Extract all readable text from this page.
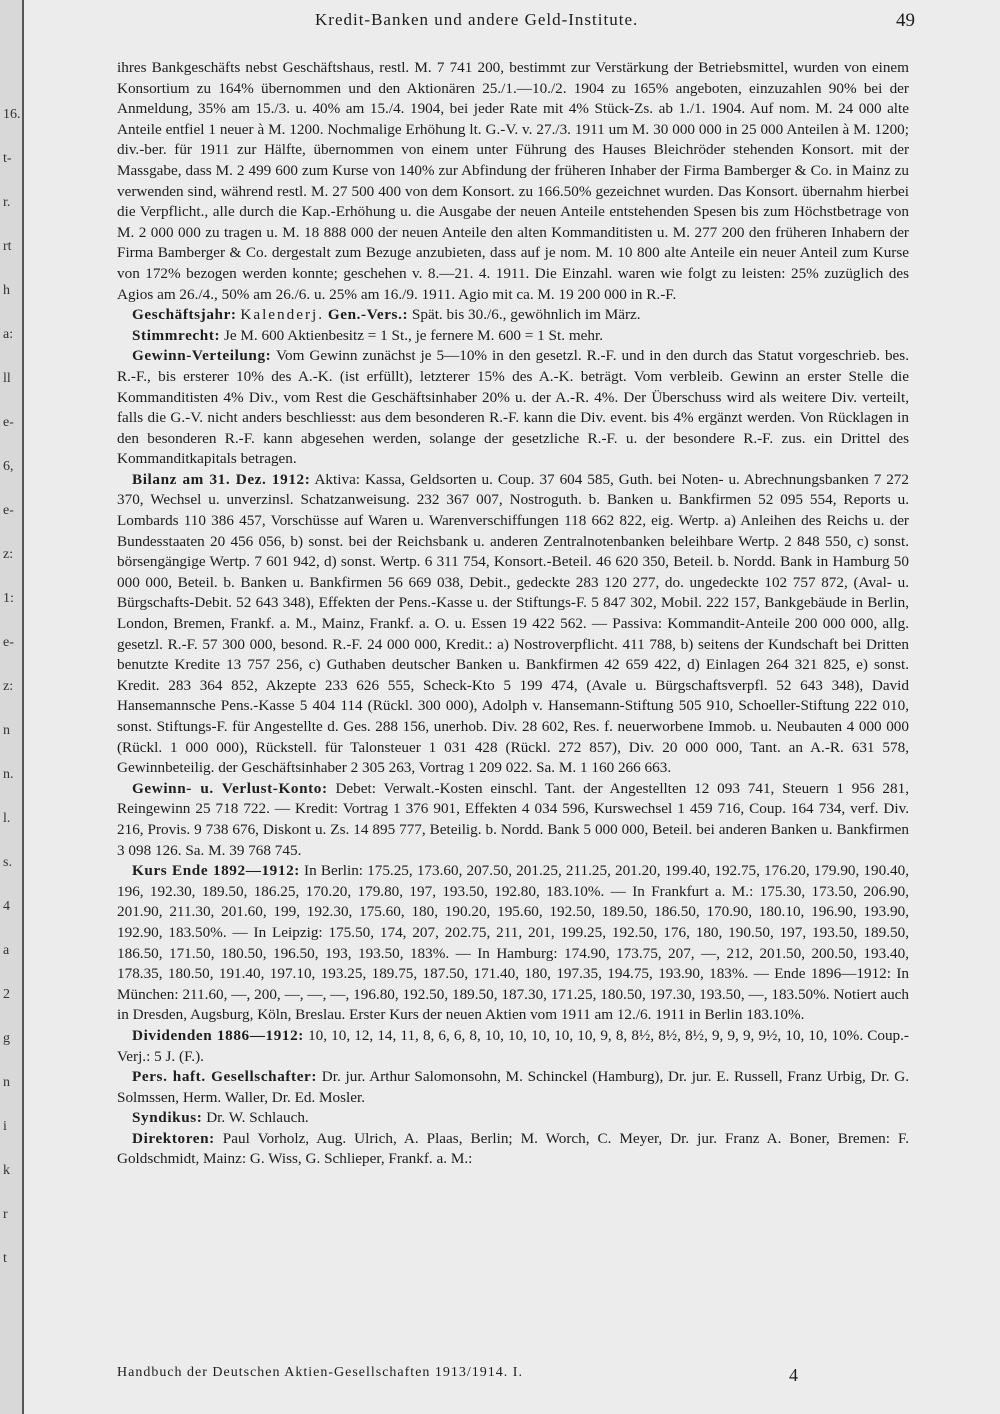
16.
t-
r.
rt
h
a:
ll
e-
6,
e-
z:
1:
e-
z:
n
n.
l.
s.
4
a
2
g
n
i
k
r
t
Kredit-Banken und andere Geld-Institute.	49

ihres Bankgeschäfts nebst Geschäftshaus, restl. M. 7 741 200, bestimmt zur Verstärkung der Betriebsmittel, wurden von einem Konsortium zu 164% übernommen und den Aktionären 25./1.—10./2. 1904 zu 165% angeboten, einzuzahlen 90% bei der Anmeldung, 35% am 15./3. u. 40% am 15./4. 1904, bei jeder Rate mit 4% Stück-Zs. ab 1./1. 1904. Auf nom. M. 24 000 alte Anteile entfiel 1 neuer à M. 1200. Nochmalige Erhöhung lt. G.-V. v. 27./3. 1911 um M. 30 000 000 in 25 000 Anteilen à M. 1200; div.-ber. für 1911 zur Hälfte, übernommen von einem unter Führung des Hauses Bleichröder stehenden Konsort. mit der Massgabe, dass M. 2 499 600 zum Kurse von 140% zur Abfindung der früheren Inhaber der Firma Bamberger & Co. in Mainz zu verwenden sind, während restl. M. 27 500 400 von dem Konsort. zu 166.50% gezeichnet wurden. Das Konsort. übernahm hierbei die Verpflicht., alle durch die Kap.-Erhöhung u. die Ausgabe der neuen Anteile entstehenden Spesen bis zum Höchstbetrage von M. 2 000 000 zu tragen u. M. 18 888 000 der neuen Anteile den alten Kommanditisten u. M. 277 200 den früheren Inhabern der Firma Bamberger & Co. dergestalt zum Bezuge anzubieten, dass auf je nom. M. 10 800 alte Anteile ein neuer Anteil zum Kurse von 172% bezogen werden konnte; geschehen v. 8.—21. 4. 1911. Die Einzahl. waren wie folgt zu leisten: 25% zuzüglich des Agios am 26./4., 50% am 26./6. u. 25% am 16./9. 1911. Agio mit ca. M. 19 200 000 in R.-F.

Geschäftsjahr: Kalenderj. Gen.-Vers.: Spät. bis 30./6., gewöhnlich im März.

Stimmrecht: Je M. 600 Aktienbesitz = 1 St., je fernere M. 600 = 1 St. mehr.

Gewinn-Verteilung: Vom Gewinn zunächst je 5—10% in den gesetzl. R.-F. und in den durch das Statut vorgeschrieb. bes. R.-F., bis ersterer 10% des A.-K. (ist erfüllt), letzterer 15% des A.-K. beträgt. Vom verbleib. Gewinn an erster Stelle die Kommanditisten 4% Div., vom Rest die Geschäftsinhaber 20% u. der A.-R. 4%. Der Überschuss wird als weitere Div. verteilt, falls die G.-V. nicht anders beschliesst: aus dem besonderen R.-F. kann die Div. event. bis 4% ergänzt werden. Von Rücklagen in den besonderen R.-F. kann abgesehen werden, solange der gesetzliche R.-F. u. der besondere R.-F. zus. ein Drittel des Kommanditkapitals betragen.

Bilanz am 31. Dez. 1912: Aktiva: Kassa, Geldsorten u. Coup. 37 604 585, Guth. bei Noten- u. Abrechnungsbanken 7 272 370, Wechsel u. unverzinsl. Schatzanweisung. 232 367 007, Nostroguth. b. Banken u. Bankfirmen 52 095 554, Reports u. Lombards 110 386 457, Vorschüsse auf Waren u. Warenverschiffungen 118 662 822, eig. Wertp. a) Anleihen des Reichs u. der Bundesstaaten 20 456 056, b) sonst. bei der Reichsbank u. anderen Zentralnotenbanken beleihbare Wertp. 2 848 550, c) sonst. börsengängige Wertp. 7 601 942, d) sonst. Wertp. 6 311 754, Konsort.-Beteil. 46 620 350, Beteil. b. Nordd. Bank in Hamburg 50 000 000, Beteil. b. Banken u. Bankfirmen 56 669 038, Debit., gedeckte 283 120 277, do. ungedeckte 102 757 872, (Aval- u. Bürgschafts-Debit. 52 643 348), Effekten der Pens.-Kasse u. der Stiftungs-F. 5 847 302, Mobil. 222 157, Bankgebäude in Berlin, London, Bremen, Frankf. a. M., Mainz, Frankf. a. O. u. Essen 19 422 562. — Passiva: Kommandit-Anteile 200 000 000, allg. gesetzl. R.-F. 57 300 000, besond. R.-F. 24 000 000, Kredit.: a) Nostroverpflicht. 411 788, b) seitens der Kundschaft bei Dritten benutzte Kredite 13 757 256, c) Guthaben deutscher Banken u. Bankfirmen 42 659 422, d) Einlagen 264 321 825, e) sonst. Kredit. 283 364 852, Akzepte 233 626 555, Scheck-Kto 5 199 474, (Avale u. Bürgschaftsverpfl. 52 643 348), David Hansemannsche Pens.-Kasse 5 404 114 (Rückl. 300 000), Adolph v. Hansemann-Stiftung 505 910, Schoeller-Stiftung 222 010, sonst. Stiftungs-F. für Angestellte d. Ges. 288 156, unerhob. Div. 28 602, Res. f. neuerworbene Immob. u. Neubauten 4 000 000 (Rückl. 1 000 000), Rückstell. für Talonsteuer 1 031 428 (Rückl. 272 857), Div. 20 000 000, Tant. an A.-R. 631 578, Gewinnbeteilig. der Geschäftsinhaber 2 305 263, Vortrag 1 209 022. Sa. M. 1 160 266 663.

Gewinn- u. Verlust-Konto: Debet: Verwalt.-Kosten einschl. Tant. der Angestellten 12 093 741, Steuern 1 956 281, Reingewinn 25 718 722. — Kredit: Vortrag 1 376 901, Effekten 4 034 596, Kurswechsel 1 459 716, Coup. 164 734, verf. Div. 216, Provis. 9 738 676, Diskont u. Zs. 14 895 777, Beteilig. b. Nordd. Bank 5 000 000, Beteil. bei anderen Banken u. Bankfirmen 3 098 126. Sa. M. 39 768 745.

Kurs Ende 1892—1912: In Berlin: 175.25, 173.60, 207.50, 201.25, 211.25, 201.20, 199.40, 192.75, 176.20, 179.90, 190.40, 196, 192.30, 189.50, 186.25, 170.20, 179.80, 197, 193.50, 192.80, 183.10%. — In Frankfurt a. M.: 175.30, 173.50, 206.90, 201.90, 211.30, 201.60, 199, 192.30, 175.60, 180, 190.20, 195.60, 192.50, 189.50, 186.50, 170.90, 180.10, 196.90, 193.90, 192.90, 183.50%. — In Leipzig: 175.50, 174, 207, 202.75, 211, 201, 199.25, 192.50, 176, 180, 190.50, 197, 193.50, 189.50, 186.50, 171.50, 180.50, 196.50, 193, 193.50, 183%. — In Hamburg: 174.90, 173.75, 207, —, 212, 201.50, 200.50, 193.40, 178.35, 180.50, 191.40, 197.10, 193.25, 189.75, 187.50, 171.40, 180, 197.35, 194.75, 193.90, 183%. — Ende 1896—1912: In München: 211.60, —, 200, —, —, —, 196.80, 192.50, 189.50, 187.30, 171.25, 180.50, 197.30, 193.50, —, 183.50%. Notiert auch in Dresden, Augsburg, Köln, Breslau. Erster Kurs der neuen Aktien vom 1911 am 12./6. 1911 in Berlin 183.10%.

Dividenden 1886—1912: 10, 10, 12, 14, 11, 8, 6, 6, 8, 10, 10, 10, 10, 10, 9, 8, 8½, 8½, 8½, 9, 9, 9, 9½, 10, 10, 10%. Coup.-Verj.: 5 J. (F.).

Pers. haft. Gesellschafter: Dr. jur. Arthur Salomonsohn, M. Schinckel (Hamburg), Dr. jur. E. Russell, Franz Urbig, Dr. G. Solmssen, Herm. Waller, Dr. Ed. Mosler.

Syndikus: Dr. W. Schlauch.

Direktoren: Paul Vorholz, Aug. Ulrich, A. Plaas, Berlin; M. Worch, C. Meyer, Dr. jur. Franz A. Boner, Bremen: F. Goldschmidt, Mainz: G. Wiss, G. Schlieper, Frankf. a. M.:

Handbuch der Deutschen Aktien-Gesellschaften 1913/1914. I.	4
